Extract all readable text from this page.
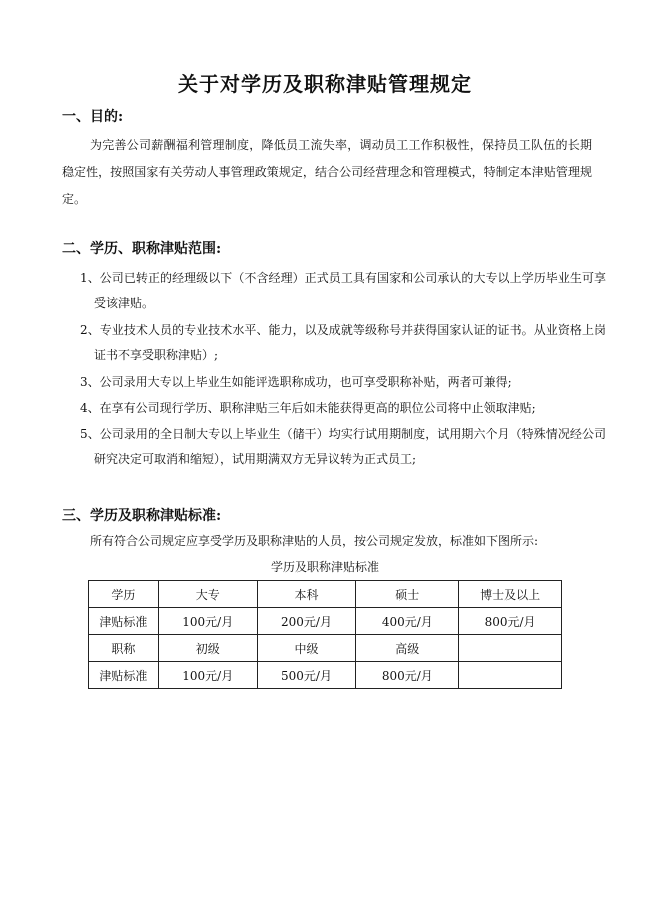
关于对学历及职称津贴管理规定
一、目的:
为完善公司薪酬福利管理制度，降低员工流失率，调动员工工作积极性，保持员工队伍的长期稳定性，按照国家有关劳动人事管理政策规定，结合公司经营理念和管理模式，特制定本津贴管理规定。
二、学历、职称津贴范围:
1、公司已转正的经理级以下（不含经理）正式员工具有国家和公司承认的大专以上学历毕业生可享受该津贴。
2、专业技术人员的专业技术水平、能力，以及成就等级称号并获得国家认证的证书。从业资格上岗证书不享受职称津贴）;
3、公司录用大专以上毕业生如能评选职称成功，也可享受职称补贴，两者可兼得;
4、在享有公司现行学历、职称津贴三年后如未能获得更高的职位公司将中止领取津贴;
5、公司录用的全日制大专以上毕业生（储干）均实行试用期制度，试用期六个月（特殊情况经公司研究决定可取消和缩短），试用期满双方无异议转为正式员工;
三、学历及职称津贴标准:
所有符合公司规定应享受学历及职称津贴的人员，按公司规定发放，标准如下图所示:
学历及职称津贴标准
学历	大专	本科	硕士	博士及以上
津贴标准	100元/月	200元/月	400元/月	800元/月
职称	初级	中级	高级	
津贴标准	100元/月	500元/月	800元/月	
